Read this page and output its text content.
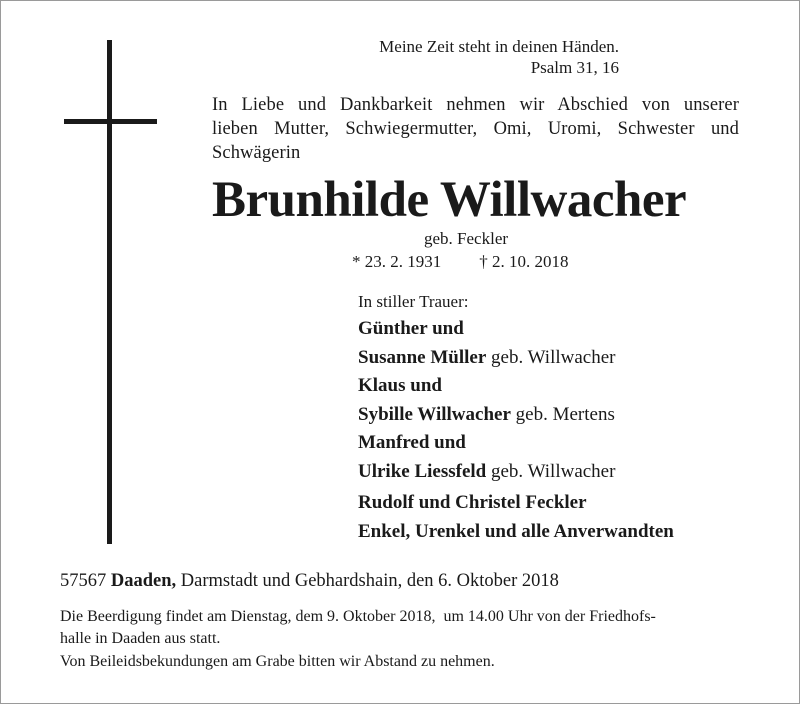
Meine Zeit steht in deinen Händen.
Psalm 31, 16
In Liebe und Dankbarkeit nehmen wir Abschied von unserer
lieben Mutter, Schwiegermutter, Omi, Uromi, Schwester und
Schwägerin
Brunhilde Willwacher
geb. Feckler
* 23. 2. 1931 † 2. 10. 2018
In stiller Trauer:
Günther und
Susanne Müller geb. Willwacher
Klaus und
Sybille Willwacher geb. Mertens
Manfred und
Ulrike Liessfeld geb. Willwacher
Rudolf und Christel Feckler
Enkel, Urenkel und alle Anverwandten
57567 Daaden, Darmstadt und Gebhardshain, den 6. Oktober 2018
Die Beerdigung findet am Dienstag, dem 9. Oktober 2018,  um 14.00 Uhr von der Friedhofs-
halle in Daaden aus statt.
Von Beileidsbekundungen am Grabe bitten wir Abstand zu nehmen.
